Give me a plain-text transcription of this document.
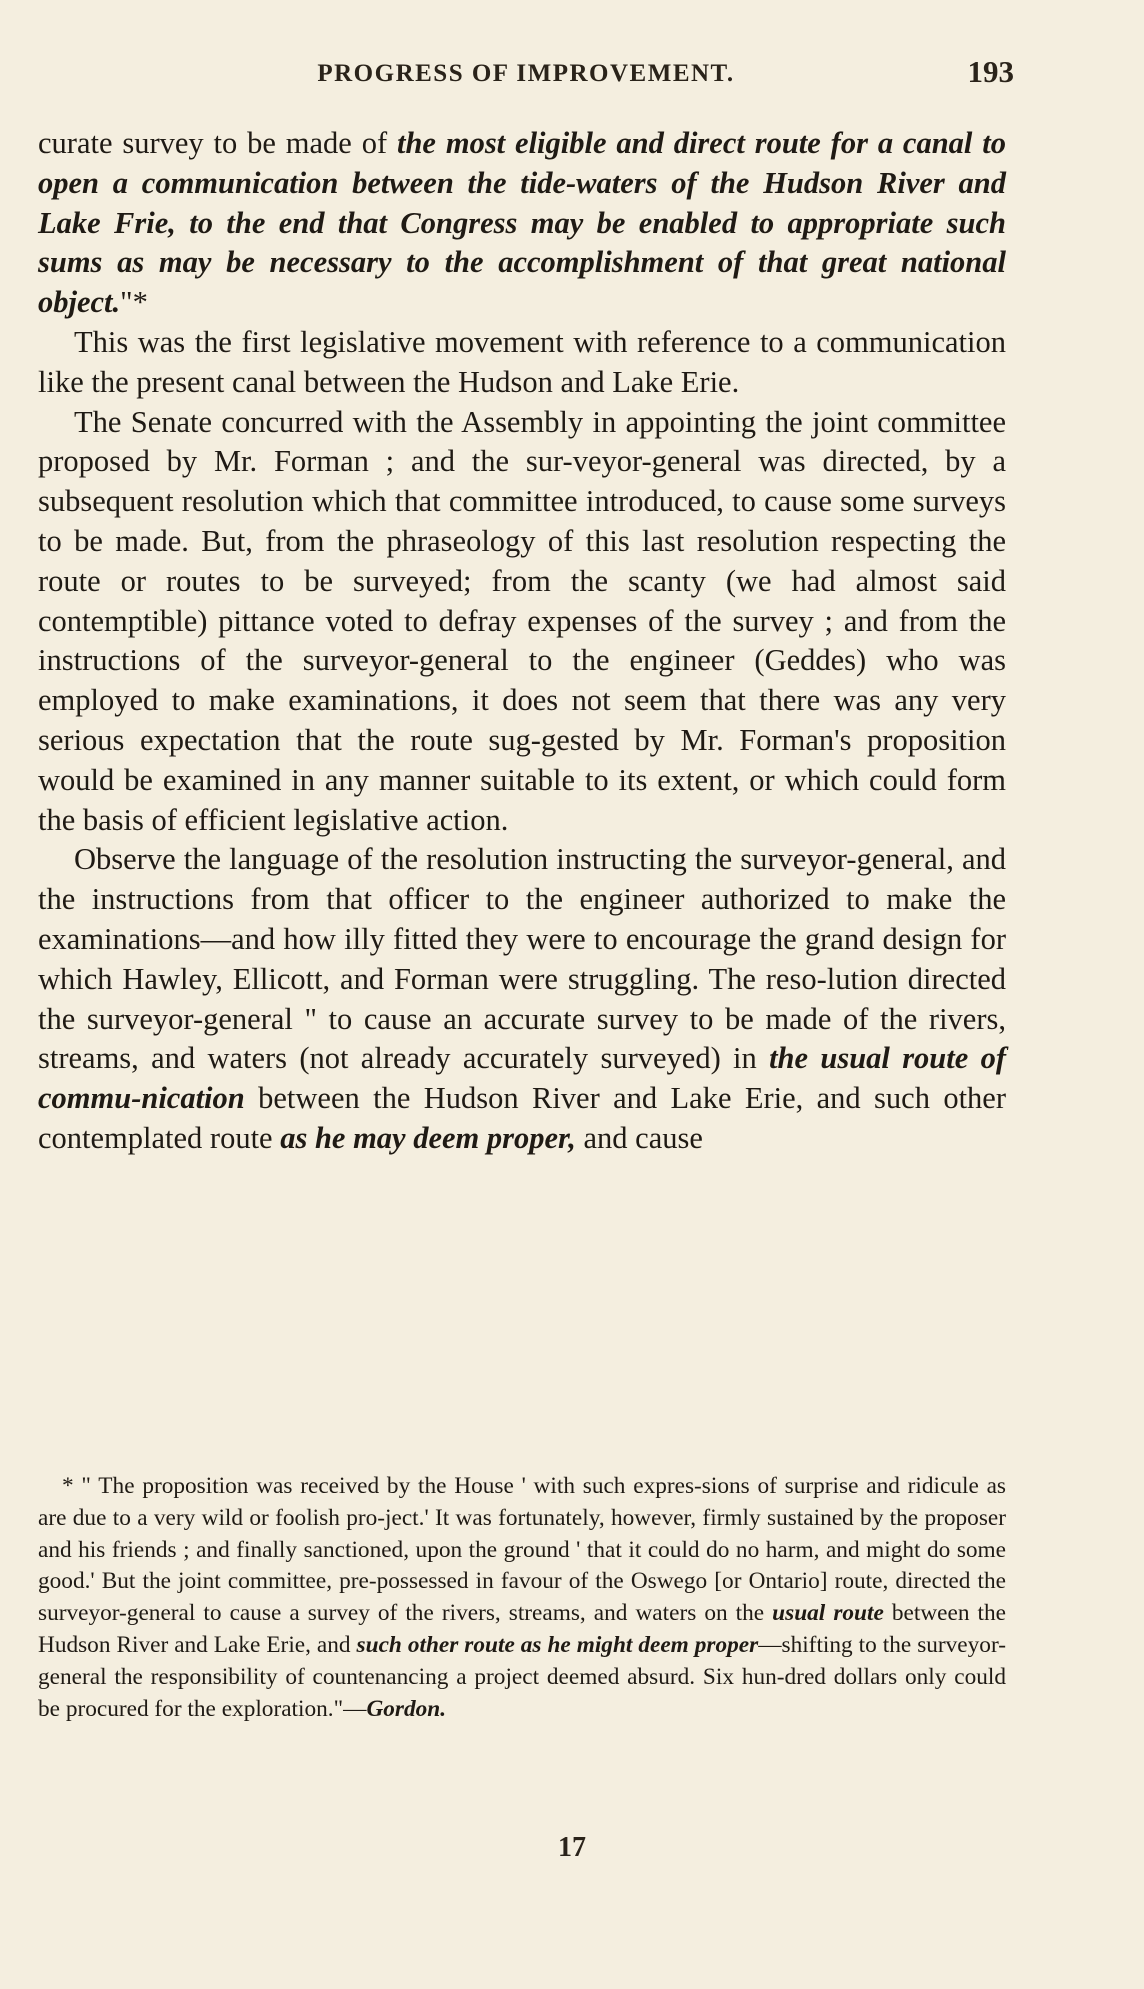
PROGRESS OF IMPROVEMENT.	193

curate survey to be made of the most eligible and direct route for a canal to open a communication between the tide-waters of the Hudson River and Lake Frie, to the end that Congress may be enabled to appropriate such sums as may be necessary to the accomplishment of that great national object."*

This was the first legislative movement with reference to a communication like the present canal between the Hudson and Lake Erie.

The Senate concurred with the Assembly in appointing the joint committee proposed by Mr. Forman ; and the sur-veyor-general was directed, by a subsequent resolution which that committee introduced, to cause some surveys to be made. But, from the phraseology of this last resolution respecting the route or routes to be surveyed; from the scanty (we had almost said contemptible) pittance voted to defray expenses of the survey ; and from the instructions of the surveyor-general to the engineer (Geddes) who was employed to make examinations, it does not seem that there was any very serious expectation that the route sug-gested by Mr. Forman's proposition would be examined in any manner suitable to its extent, or which could form the basis of efficient legislative action.

Observe the language of the resolution instructing the surveyor-general, and the instructions from that officer to the engineer authorized to make the examinations—and how illy fitted they were to encourage the grand design for which Hawley, Ellicott, and Forman were struggling. The reso-lution directed the surveyor-general " to cause an accurate survey to be made of the rivers, streams, and waters (not already accurately surveyed) in the usual route of commu-nication between the Hudson River and Lake Erie, and such other contemplated route as he may deem proper, and cause

* " The proposition was received by the House ' with such expres-sions of surprise and ridicule as are due to a very wild or foolish pro-ject.' It was fortunately, however, firmly sustained by the proposer and his friends ; and finally sanctioned, upon the ground ' that it could do no harm, and might do some good.' But the joint committee, pre-possessed in favour of the Oswego [or Ontario] route, directed the surveyor-general to cause a survey of the rivers, streams, and waters on the usual route between the Hudson River and Lake Erie, and such other route as he might deem proper—shifting to the surveyor-general the responsibility of countenancing a project deemed absurd. Six hun-dred dollars only could be procured for the exploration."—Gordon.

17
